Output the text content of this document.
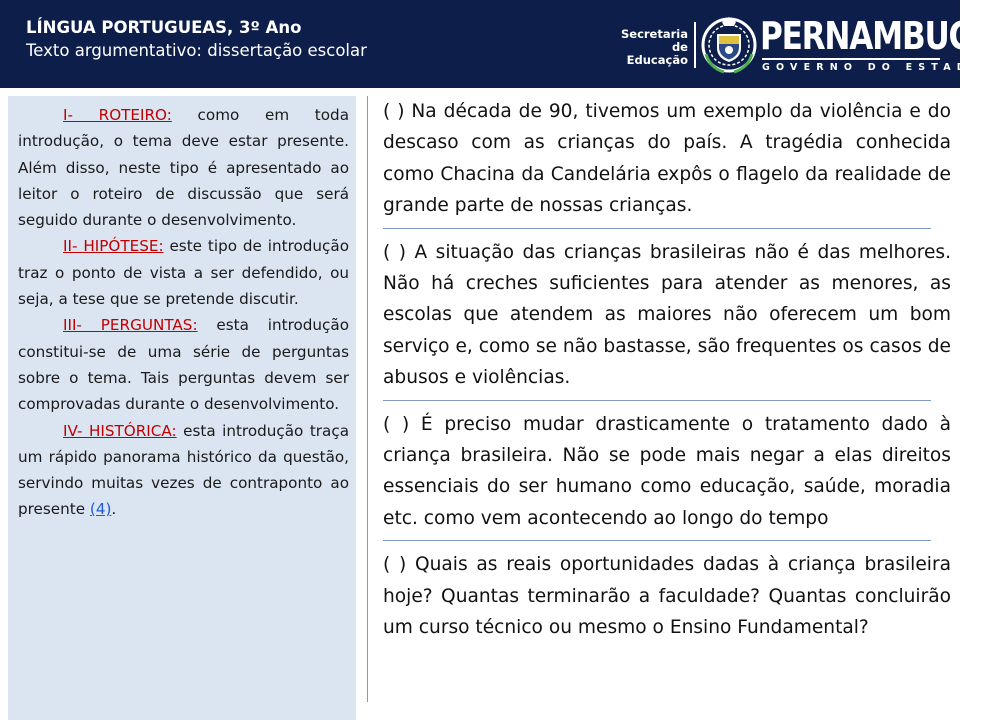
LÍNGUA PORTUGUEAS, 3º Ano
Texto argumentativo: dissertação escolar
Secretaria de
Educação
PERNAMBUCO
GOVERNO DO ESTADO

I- ROTEIRO: como em toda introdução, o tema deve estar presente. Além disso, neste tipo é apresentado ao leitor o roteiro de discussão que será seguido durante o desenvolvimento.

II- HIPÓTESE: este tipo de introdução traz o ponto de vista a ser defendido, ou seja, a tese que se pretende discutir.

III- PERGUNTAS: esta introdução constitui-se de uma série de perguntas sobre o tema. Tais perguntas devem ser comprovadas durante o desenvolvimento.

IV- HISTÓRICA: esta introdução traça um rápido panorama histórico da questão, servindo muitas vezes de contraponto ao presente (4).

( ) Na década de 90, tivemos um exemplo da violência e do descaso com as crianças do país. A tragédia conhecida como Chacina da Candelária expôs o flagelo da realidade de grande parte de nossas crianças.
( ) A situação das crianças brasileiras não é das melhores. Não há creches suficientes para atender as menores, as escolas que atendem as maiores não oferecem um bom serviço e, como se não bastasse, são frequentes os casos de abusos e violências.
( ) É preciso mudar drasticamente o tratamento dado à criança brasileira. Não se pode mais negar a elas direitos essenciais do ser humano como educação, saúde, moradia etc. como vem acontecendo ao longo do tempo
( ) Quais as reais oportunidades dadas à criança brasileira hoje? Quantas terminarão a faculdade? Quantas concluirão um curso técnico ou mesmo o Ensino Fundamental?
